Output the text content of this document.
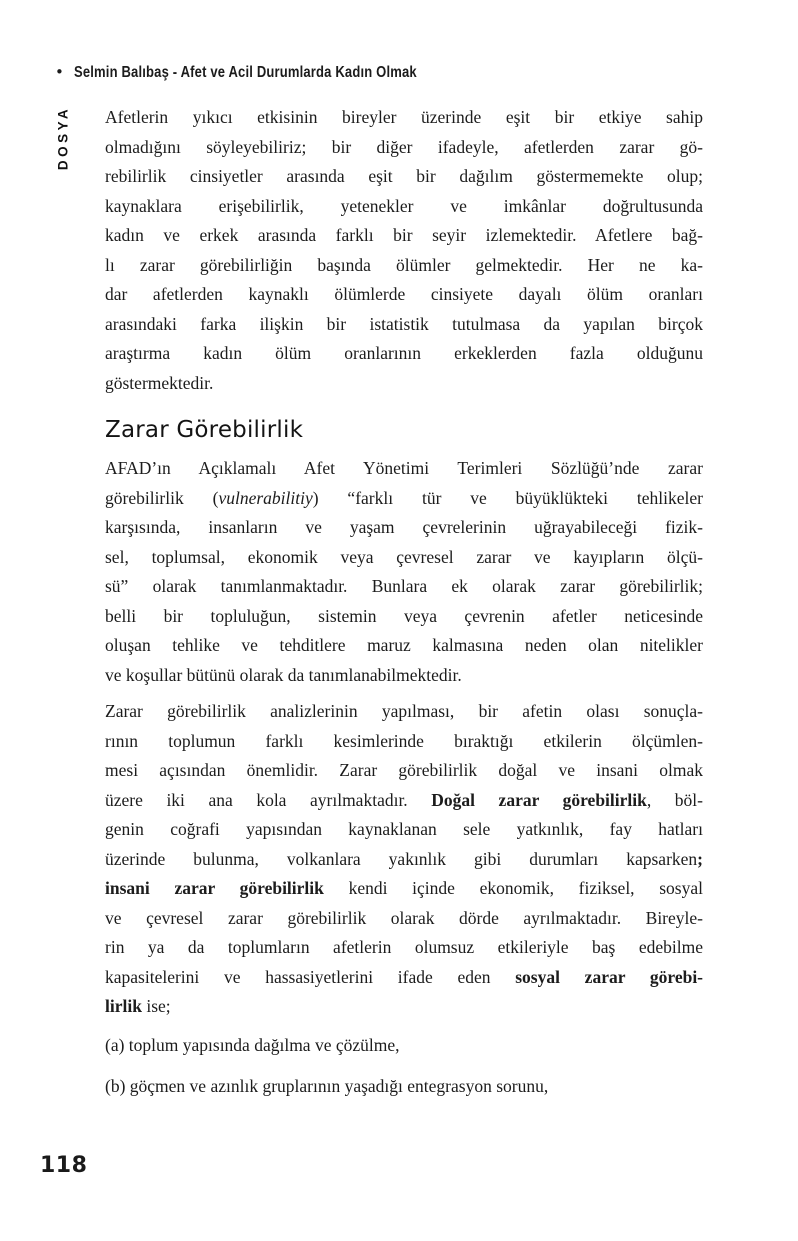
• Selmin Balıbaş - Afet ve Acil Durumlarda Kadın Olmak
DOSYA Afetlerin yıkıcı etkisinin bireyler üzerinde eşit bir etkiye sahip
olmadığını söyleyebiliriz; bir diğer ifadeyle, afetlerden zarar gö-
rebilirlik cinsiyetler arasında eşit bir dağılım göstermemekte olup;
kaynaklara erişebilirlik, yetenekler ve imkânlar doğrultusunda
kadın ve erkek arasında farklı bir seyir izlemektedir. Afetlere bağ-
lı zarar görebilirliğin başında ölümler gelmektedir. Her ne ka-
dar afetlerden kaynaklı ölümlerde cinsiyete dayalı ölüm oranları
arasındaki farka ilişkin bir istatistik tutulmasa da yapılan birçok
araştırma kadın ölüm oranlarının erkeklerden fazla olduğunu
göstermektedir.
Zarar Görebilirlik
AFAD’ın Açıklamalı Afet Yönetimi Terimleri Sözlüğü’nde zarar
görebilirlik (vulnerabilitiy) “farklı tür ve büyüklükteki tehlikeler
karşısında, insanların ve yaşam çevrelerinin uğrayabileceği fizik-
sel, toplumsal, ekonomik veya çevresel zarar ve kayıpların ölçü-
sü” olarak tanımlanmaktadır. Bunlara ek olarak zarar görebilirlik;
belli bir topluluğun, sistemin veya çevrenin afetler neticesinde
oluşan tehlike ve tehditlere maruz kalmasına neden olan nitelikler
ve koşullar bütünü olarak da tanımlanabilmektedir.
Zarar görebilirlik analizlerinin yapılması, bir afetin olası sonuçla-
rının toplumun farklı kesimlerinde bıraktığı etkilerin ölçümlen-
mesi açısından önemlidir. Zarar görebilirlik doğal ve insani olmak
üzere iki ana kola ayrılmaktadır. Doğal zarar görebilirlik, böl-
genin coğrafi yapısından kaynaklanan sele yatkınlık, fay hatları
üzerinde bulunma, volkanlara yakınlık gibi durumları kapsarken;
insani zarar görebilirlik kendi içinde ekonomik, fiziksel, sosyal
ve çevresel zarar görebilirlik olarak dörde ayrılmaktadır. Bireyle-
rin ya da toplumların afetlerin olumsuz etkileriyle baş edebilme
kapasitelerini ve hassasiyetlerini ifade eden sosyal zarar görebi-
lirlik ise;
(a) toplum yapısında dağılma ve çözülme,
(b) göçmen ve azınlık gruplarının yaşadığı entegrasyon sorunu,
118
